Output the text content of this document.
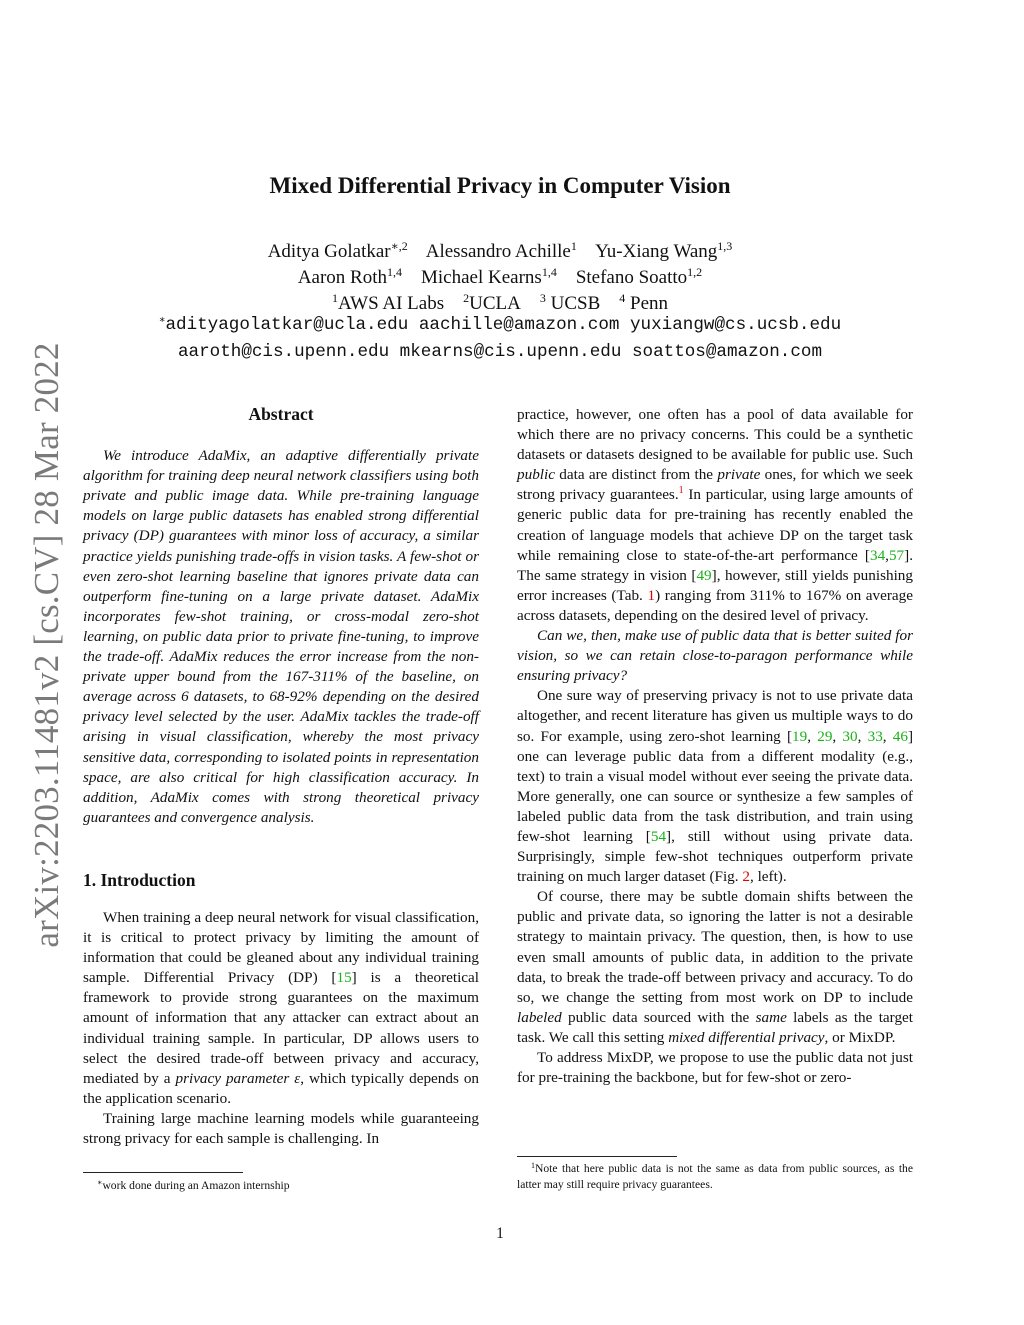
arXiv:2203.11481v2 [cs.CV] 28 Mar 2022
Mixed Differential Privacy in Computer Vision
Aditya Golatkar$^{∗,2}$ Alessandro Achille$^1$ Yu-Xiang Wang$^{1,3}$
Aaron Roth$^{1,4}$ Michael Kearns$^{1,4}$ Stefano Soatto$^{1,2}$
$^1$AWS AI Labs $^2$UCLA $^3$ UCSB $^4$ Penn
∗adityagolatkar@ucla.edu aachille@amazon.com yuxiangw@cs.ucsb.edu
aaroth@cis.upenn.edu mkearns@cis.upenn.edu soattos@amazon.com
Abstract

We introduce AdaMix, an adaptive differentially private algorithm for training deep neural network classifiers using both private and public image data. While pre-training language models on large public datasets has enabled strong differential privacy (DP) guarantees with minor loss of accuracy, a similar practice yields punishing trade-offs in vision tasks. A few-shot or even zero-shot learning baseline that ignores private data can outperform fine-tuning on a large private dataset. AdaMix incorporates few-shot training, or cross-modal zero-shot learning, on public data prior to private fine-tuning, to improve the trade-off. AdaMix reduces the error increase from the non-private upper bound from the 167-311% of the baseline, on average across 6 datasets, to 68-92% depending on the desired privacy level selected by the user. AdaMix tackles the trade-off arising in visual classification, whereby the most privacy sensitive data, corresponding to isolated points in representation space, are also critical for high classification accuracy. In addition, AdaMix comes with strong theoretical privacy guarantees and convergence analysis.

1. Introduction

When training a deep neural network for visual classification, it is critical to protect privacy by limiting the amount of information that could be gleaned about any individual training sample. Differential Privacy (DP) [15] is a theoretical framework to provide strong guarantees on the maximum amount of information that any attacker can extract about an individual training sample. In particular, DP allows users to select the desired trade-off between privacy and accuracy, mediated by a privacy parameter ε, which typically depends on the application scenario.

Training large machine learning models while guaranteeing strong privacy for each sample is challenging. In

∗work done during an Amazon internship

practice, however, one often has a pool of data available for which there are no privacy concerns. This could be a synthetic datasets or datasets designed to be available for public use. Such public data are distinct from the private ones, for which we seek strong privacy guarantees.$^1$ In particular, using large amounts of generic public data for pre-training has recently enabled the creation of language models that achieve DP on the target task while remaining close to state-of-the-art performance [34,57]. The same strategy in vision [49], however, still yields punishing error increases (Tab. 1) ranging from 311% to 167% on average across datasets, depending on the desired level of privacy.

Can we, then, make use of public data that is better suited for vision, so we can retain close-to-paragon performance while ensuring privacy?

One sure way of preserving privacy is not to use private data altogether, and recent literature has given us multiple ways to do so. For example, using zero-shot learning [19, 29, 30, 33, 46] one can leverage public data from a different modality (e.g., text) to train a visual model without ever seeing the private data. More generally, one can source or synthesize a few samples of labeled public data from the task distribution, and train using few-shot learning [54], still without using private data. Surprisingly, simple few-shot techniques outperform private training on much larger dataset (Fig. 2, left).

Of course, there may be subtle domain shifts between the public and private data, so ignoring the latter is not a desirable strategy to maintain privacy. The question, then, is how to use even small amounts of public data, in addition to the private data, to break the trade-off between privacy and accuracy. To do so, we change the setting from most work on DP to include labeled public data sourced with the same labels as the target task. We call this setting mixed differential privacy, or MixDP.

To address MixDP, we propose to use the public data not just for pre-training the backbone, but for few-shot or zero-

$^1$Note that here public data is not the same as data from public sources, as the latter may still require privacy guarantees.
1
